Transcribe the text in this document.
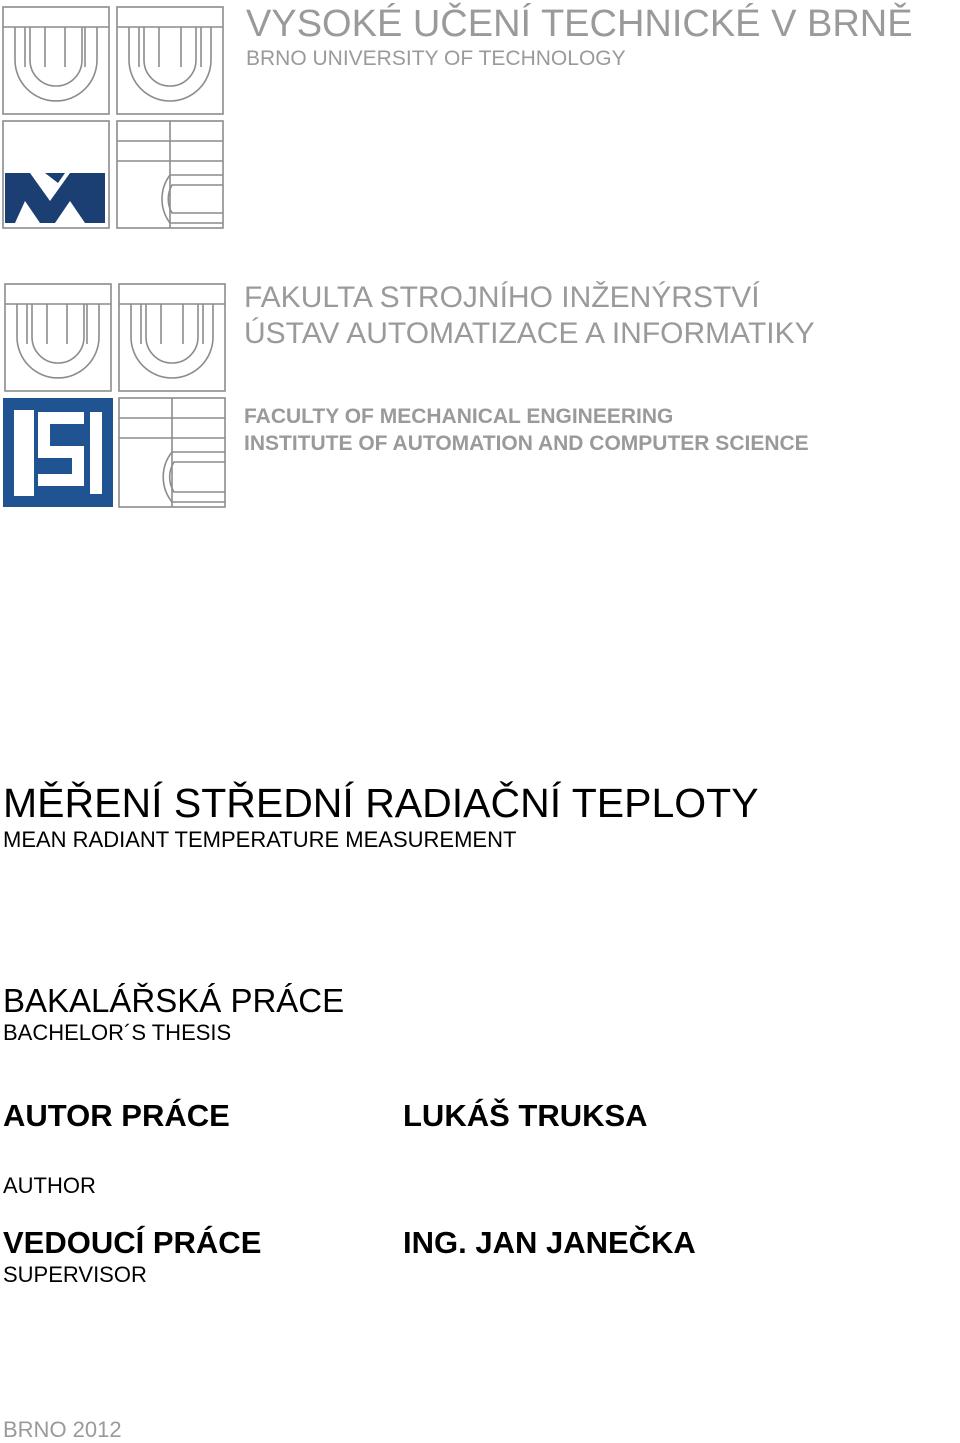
VYSOKÉ UČENÍ TECHNICKÉ V BRNĚ
BRNO UNIVERSITY OF TECHNOLOGY
FAKULTA STROJNÍHO INŽENÝRSTVÍ
ÚSTAV AUTOMATIZACE A INFORMATIKY
FACULTY OF MECHANICAL ENGINEERING
INSTITUTE OF AUTOMATION AND COMPUTER SCIENCE
MĚŘENÍ STŘEDNÍ RADIAČNÍ TEPLOTY
MEAN RADIANT TEMPERATURE MEASUREMENT
BAKALÁŘSKÁ PRÁCE
BACHELOR´S THESIS
AUTOR PRÁCE	LUKÁŠ TRUKSA
AUTHOR
VEDOUCÍ PRÁCE	ING. JAN JANEČKA
SUPERVISOR
BRNO 2012
